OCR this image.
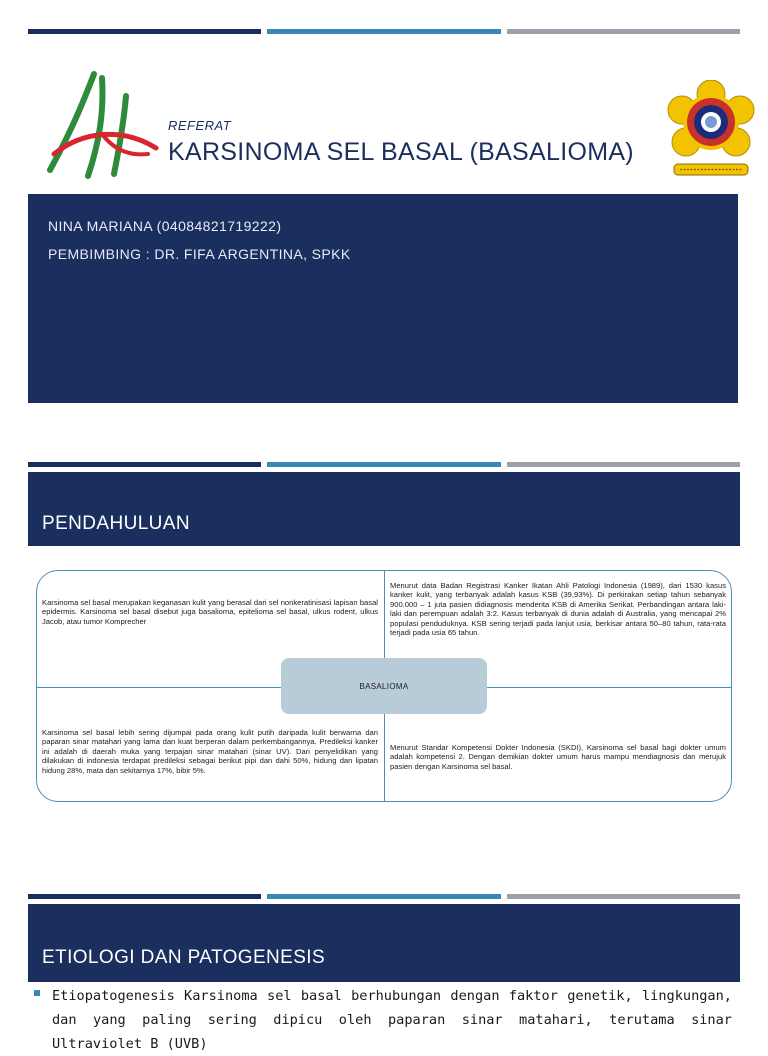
REFERAT
KARSINOMA SEL BASAL (BASALIOMA)
NINA MARIANA (04084821719222)
PEMBIMBING : DR. FIFA ARGENTINA, SPKK
PENDAHULUAN
Karsinoma sel basal merupakan keganasan kulit yang berasal dari sel nonkeratinisasi lapisan basal epidermis. Karsinoma sel basal disebut juga basalioma, epitelioma sel basal, ulkus rodent, ulkus Jacob, atau tumor Komprecher
Menurut data Badan Registrasi Kanker Ikatan Ahli Patologi Indonesia (1989), dari 1530 kasus kanker kulit, yang terbanyak adalah kasus KSB (39,93%). Di perkirakan setiap tahun sebanyak 900.000 – 1 juta pasien didiagnosis menderita KSB di Amerika Serikat. Perbandingan antara laki-laki dan perempuan adalah 3:2. Kasus terbanyak di dunia adalah di Australia, yang mencapai 2% populasi penduduknya. KSB sering terjadi pada lanjut usia, berkisar antara 50–80 tahun, rata-rata terjadi pada usia 65 tahun.
Karsinoma sel basal lebih sering dijumpai pada orang kulit putih daripada kulit berwarna dan paparan sinar matahari yang lama dan kuat berperan dalam perkembangannya. Predileksi kanker ini adalah di daerah muka yang terpajan sinar matahari (sinar UV). Dari penyelidikan yang dilakukan di indonesia terdapat predileksi sebagai berikut pipi dan dahi 50%, hidung dan lipatan hidung 28%, mata dan sekitarnya 17%, bibir 5%.
Menurut Standar Kompetensi Dokter Indonesia (SKDI), Karsinoma sel basal bagi dokter umum adalah kompetensi 2. Dengan demikian dokter umum harus mampu mendiagnosis dan merujuk pasien dengan Karsinoma sel basal.
BASALIOMA
ETIOLOGI DAN PATOGENESIS
Etiopatogenesis Karsinoma sel basal berhubungan dengan faktor genetik, lingkungan, dan yang paling sering dipicu oleh paparan sinar matahari, terutama sinar Ultraviolet B (UVB)
